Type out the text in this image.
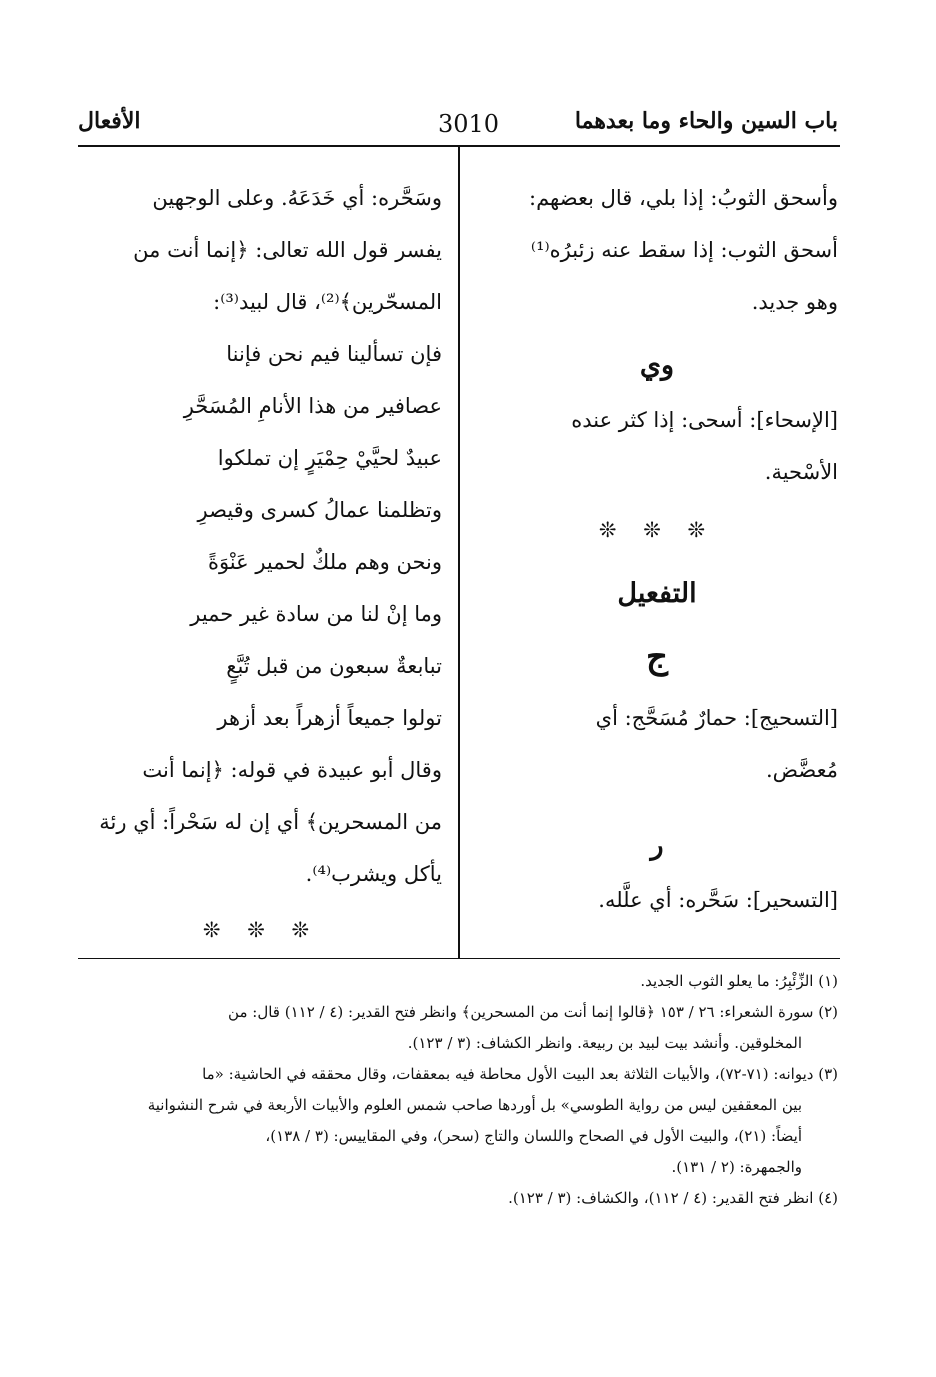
باب السين والحاء وما بعدهما
3010
الأفعال
وأسحق الثوبُ: إذا بلي، قال بعضهم:
أسحق الثوب: إذا سقط عنه زئبرُه⁽¹⁾
وهو جديد.
وي
[الإسحاء]: أسحى: إذا كثر عنده
الأسْحية.
❊ ❊ ❊
التفعيل
ج
[التسحيج]: حمارٌ مُسَحَّج: أي
مُعضَّض.
ر
[التسحير]: سَحَّره: أي علَّله.
وسَحَّره: أي خَدَعَهُ. وعلى الوجهين
يفسر قول الله تعالى: ﴿إنما أنت من
المسحّرين﴾⁽²⁾، قال لبيد⁽³⁾:
فإن تسألينا فيم نحن فإننا
عصافير من هذا الأنامِ المُسَحَّرِ
عبيدٌ لحيَّيْ حِمْيَرٍ إن تملكوا
وتظلمنا عمالُ كسرى وقيصرِ
ونحن وهم ملكٌ لحمير عَنْوَةً
وما إنْ لنا من سادة غير حمير
تبابعةٌ سبعون من قبل تُبَّعٍ
تولوا جميعاً أزهراً بعد أزهر
وقال أبو عبيدة في قوله: ﴿إنما أنت
من المسحرين﴾ أي إن له سَحْراً: أي رئة
يأكل ويشرب⁽⁴⁾.
❊ ❊ ❊
(١) الزِّئْبِرُ: ما يعلو الثوب الجديد.
(٢) سورة الشعراء: ٢٦ / ١٥٣ ﴿قالوا إنما أنت من المسحرين﴾ وانظر فتح القدير: (٤ / ١١٢) قال: من
المخلوقين. وأنشد بيت لبيد بن ربيعة. وانظر الكشاف: (٣ / ١٢٣).
(٣) ديوانه: (٧١-٧٢)، والأبيات الثلاثة بعد البيت الأول محاطة فيه بمعقفات، وقال محققه في الحاشية: «ما
بين المعقفين ليس من رواية الطوسي» بل أوردها صاحب شمس العلوم والأبيات الأربعة في شرح النشوانية
أيضاً: (٢١)، والبيت الأول في الصحاح واللسان والتاج (سحر)، وفي المقاييس: (٣ / ١٣٨)،
والجمهرة: (٢ / ١٣١).
(٤) انظر فتح القدير: (٤ / ١١٢)، والكشاف: (٣ / ١٢٣).
